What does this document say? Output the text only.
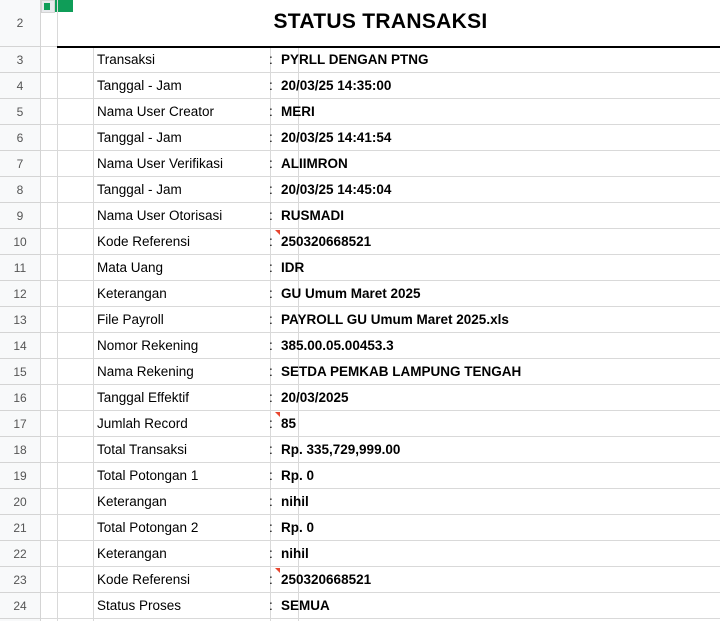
STATUS TRANSAKSI
2
3
4
5
6
7
8
9
10
11
12
13
14
15
16
17
18
19
20
21
22
23
24
Transaksi	: PYRLL DENGAN PTNG
Tanggal - Jam	: 20/03/25 14:35:00
Nama User Creator	: MERI
Tanggal - Jam	: 20/03/25 14:41:54
Nama User Verifikasi	: ALIIMRON
Tanggal - Jam	: 20/03/25 14:45:04
Nama User Otorisasi	: RUSMADI
Kode Referensi	: 250320668521
Mata Uang	: IDR
Keterangan	: GU Umum Maret 2025
File Payroll	: PAYROLL GU Umum Maret 2025.xls
Nomor Rekening	: 385.00.05.00453.3
Nama Rekening	: SETDA PEMKAB LAMPUNG TENGAH
Tanggal Effektif	: 20/03/2025
Jumlah Record	: 85
Total Transaksi	: Rp. 335,729,999.00
Total Potongan 1	: Rp. 0
Keterangan	: nihil
Total Potongan 2	: Rp. 0
Keterangan	: nihil
Kode Referensi	: 250320668521
Status Proses	: SEMUA
